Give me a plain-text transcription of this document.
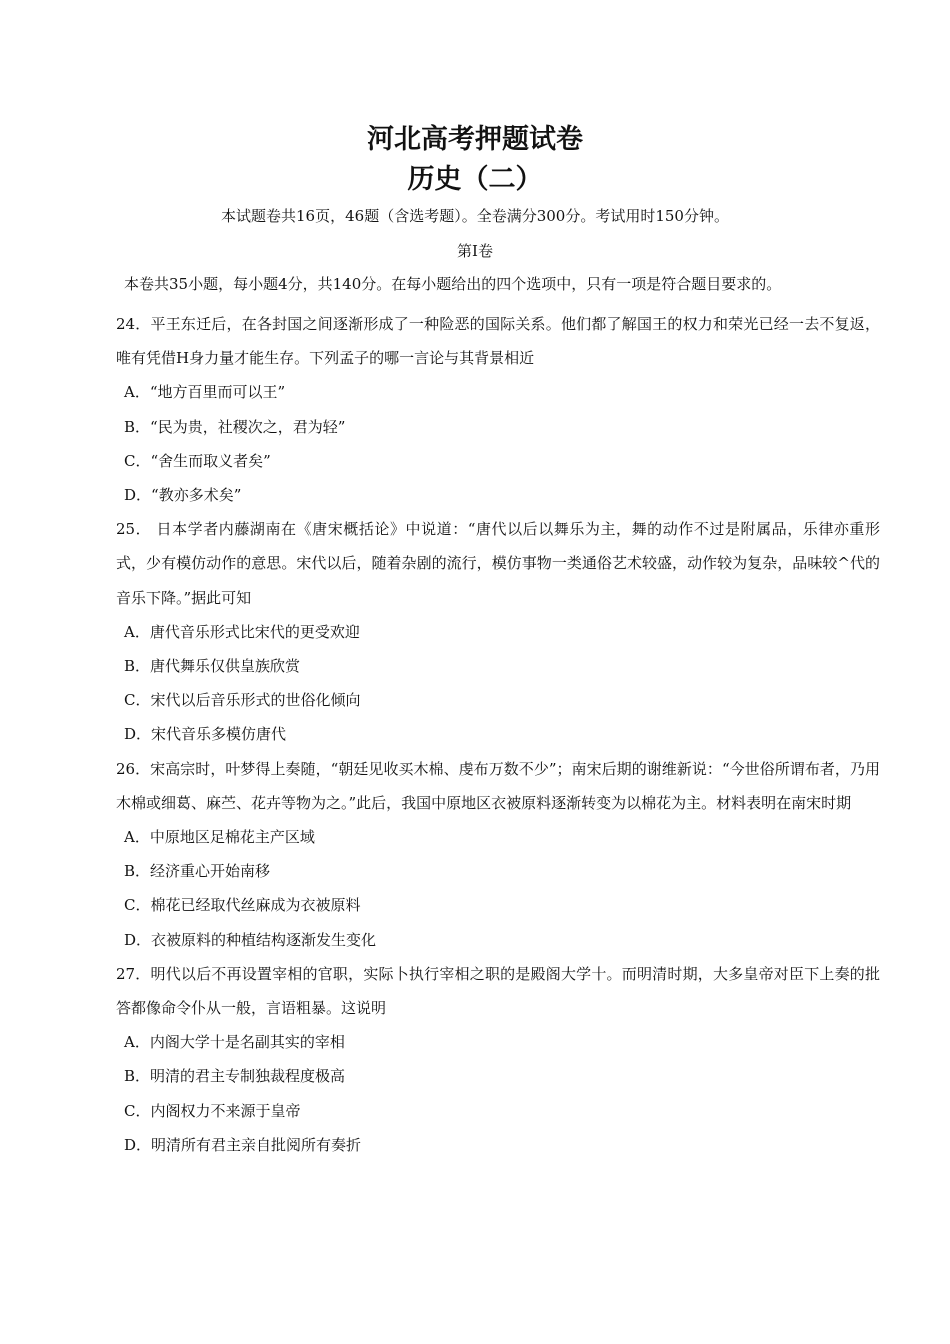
河北高考押题试卷
历史（二）

本试题卷共16页，46题（含选考题）。全卷满分300分。考试用时150分钟。

第I卷

本卷共35小题，每小题4分，共140分。在每小题给出的四个选项中，只有一项是符合题目要求的。

24．平王东迁后，在各封国之间逐渐形成了一种险恶的国际关系。他们都了解国王的权力和荣光已经一去不复返，唯有凭借H身力量才能生存。下列孟子的哪一言论与其背景相近

A．“地方百里而可以王”
B．“民为贵，社稷次之，君为轻”
C．“舍生而取义者矣”
D．“教亦多术矣”

25． 日本学者内藤湖南在《唐宋概括论》中说道：“唐代以后以舞乐为主，舞的动作不过是附属品，乐律亦重形式，少有模仿动作的意思。宋代以后，随着杂剧的流行，模仿事物一类通俗艺术较盛，动作较为复杂，品味较^代的音乐下降。”据此可知

A．唐代音乐形式比宋代的更受欢迎
B．唐代舞乐仅供皇族欣赏
C．宋代以后音乐形式的世俗化倾向
D．宋代音乐多模仿唐代

26．宋高宗时，叶梦得上奏随，“朝廷见收买木棉、虔布万数不少”；南宋后期的谢维新说：“今世俗所谓布者，乃用木棉或细葛、麻苎、花卉等物为之。”此后，我国中原地区衣被原料逐渐转变为以棉花为主。材料表明在南宋时期

A．中原地区足棉花主产区域
B．经济重心开始南移
C．棉花已经取代丝麻成为衣被原料
D．衣被原料的种植结构逐渐发生变化

27．明代以后不再设置宰相的官职，实际卜执行宰相之职的是殿阁大学十。而明清时期，大多皇帝对臣下上奏的批答都像命令仆从一般，言语粗暴。这说明

A．内阁大学十是名副其实的宰相
B．明清的君主专制独裁程度极高
C．内阁权力不来源于皇帝
D．明清所有君主亲自批阅所有奏折
